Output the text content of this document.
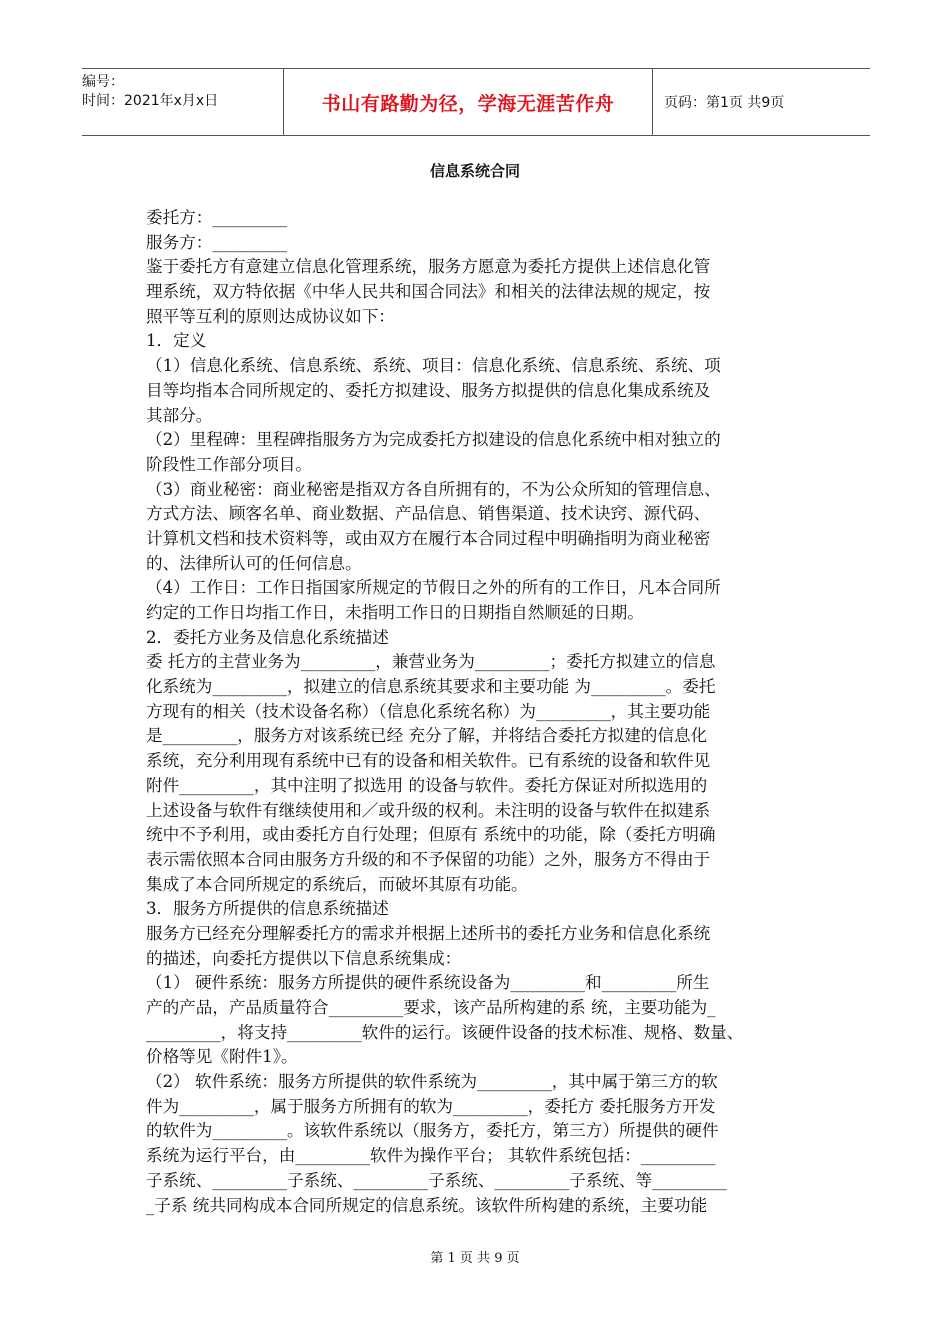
编号：
时间：2021年x月x日	书山有路勤为径，学海无涯苦作舟	页码：第1页 共9页
信息系统合同
委托方：_________
服务方：_________
鉴于委托方有意建立信息化管理系统，服务方愿意为委托方提供上述信息化管
理系统，双方特依据《中华人民共和国合同法》和相关的法律法规的规定，按
照平等互利的原则达成协议如下：
1．定义
（1）信息化系统、信息系统、系统、项目：信息化系统、信息系统、系统、项
目等均指本合同所规定的、委托方拟建设、服务方拟提供的信息化集成系统及
其部分。
（2）里程碑：里程碑指服务方为完成委托方拟建设的信息化系统中相对独立的
阶段性工作部分项目。
（3）商业秘密：商业秘密是指双方各自所拥有的，不为公众所知的管理信息、
方式方法、顾客名单、商业数据、产品信息、销售渠道、技术诀窍、源代码、
计算机文档和技术资料等，或由双方在履行本合同过程中明确指明为商业秘密
的、法律所认可的任何信息。
（4）工作日：工作日指国家所规定的节假日之外的所有的工作日，凡本合同所
约定的工作日均指工作日，未指明工作日的日期指自然顺延的日期。
2．委托方业务及信息化系统描述
委 托方的主营业务为_________，兼营业务为_________；委托方拟建立的信息
化系统为_________，拟建立的信息系统其要求和主要功能 为_________。委托
方现有的相关（技术设备名称）（信息化系统名称）为_________，其主要功能
是_________，服务方对该系统已经 充分了解，并将结合委托方拟建的信息化
系统，充分利用现有系统中已有的设备和相关软件。已有系统的设备和软件见
附件_________，其中注明了拟选用 的设备与软件。委托方保证对所拟选用的
上述设备与软件有继续使用和／或升级的权利。未注明的设备与软件在拟建系
统中不予利用，或由委托方自行处理；但原有 系统中的功能，除（委托方明确
表示需依照本合同由服务方升级的和不予保留的功能）之外，服务方不得由于
集成了本合同所规定的系统后，而破坏其原有功能。
3．服务方所提供的信息系统描述
服务方已经充分理解委托方的需求并根据上述所书的委托方业务和信息化系统
的描述，向委托方提供以下信息系统集成：
（1） 硬件系统：服务方所提供的硬件系统设备为_________和_________所生
产的产品，产品质量符合_________要求，该产品所构建的系 统，主要功能为_
_________，将支持_________软件的运行。该硬件设备的技术标准、规格、数量、
价格等见《附件1》。
（2） 软件系统：服务方所提供的软件系统为_________，其中属于第三方的软
件为_________，属于服务方所拥有的软为_________，委托方 委托服务方开发
的软件为_________。该软件系统以（服务方，委托方，第三方）所提供的硬件
系统为运行平台，由_________软件为操作平台； 其软件系统包括：_________
子系统、_________子系统、_________子系统、_________子系统、等_________
_子系 统共同构成本合同所规定的信息系统。该软件所构建的系统，主要功能
第 1 页 共 9 页
